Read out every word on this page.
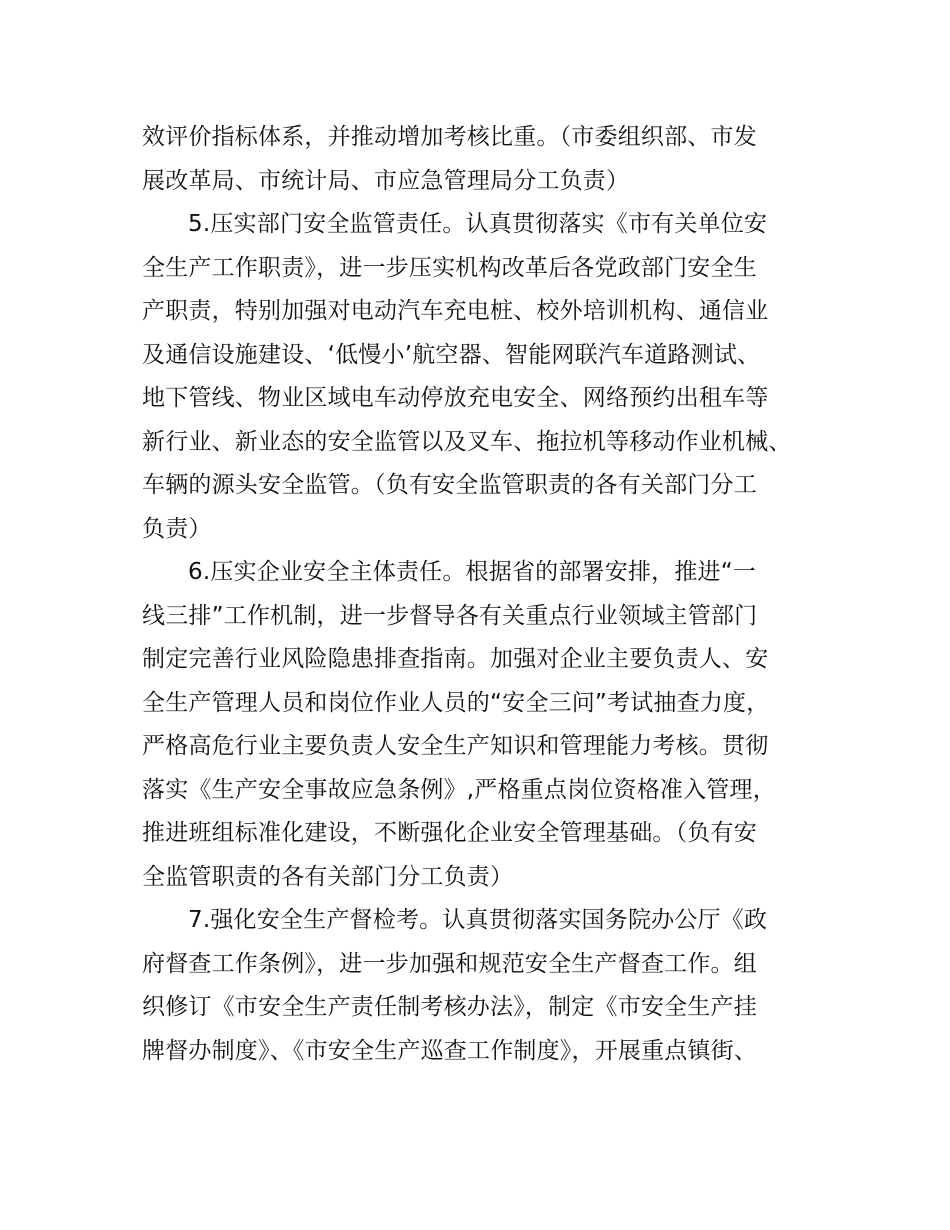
效评价指标体系，并推动增加考核比重。（市委组织部、市发
展改革局、市统计局、市应急管理局分工负责）
5.压实部门安全监管责任。认真贯彻落实《市有关单位安
全生产工作职责》，进一步压实机构改革后各党政部门安全生
产职责，特别加强对电动汽车充电桩、校外培训机构、通信业
及通信设施建设、‘低慢小’航空器、智能网联汽车道路测试、
地下管线、物业区域电车动停放充电安全、网络预约出租车等
新行业、新业态的安全监管以及叉车、拖拉机等移动作业机械、
车辆的源头安全监管。（负有安全监管职责的各有关部门分工
负责）
6.压实企业安全主体责任。根据省的部署安排，推进“一
线三排”工作机制，进一步督导各有关重点行业领域主管部门
制定完善行业风险隐患排查指南。加强对企业主要负责人、安
全生产管理人员和岗位作业人员的“安全三问”考试抽查力度，
严格高危行业主要负责人安全生产知识和管理能力考核。贯彻
落实《生产安全事故应急条例》,严格重点岗位资格准入管理，
推进班组标准化建设，不断强化企业安全管理基础。（负有安
全监管职责的各有关部门分工负责）
7.强化安全生产督检考。认真贯彻落实国务院办公厅《政
府督查工作条例》，进一步加强和规范安全生产督查工作。组
织修订《市安全生产责任制考核办法》，制定《市安全生产挂
牌督办制度》、《市安全生产巡查工作制度》，开展重点镇街、
